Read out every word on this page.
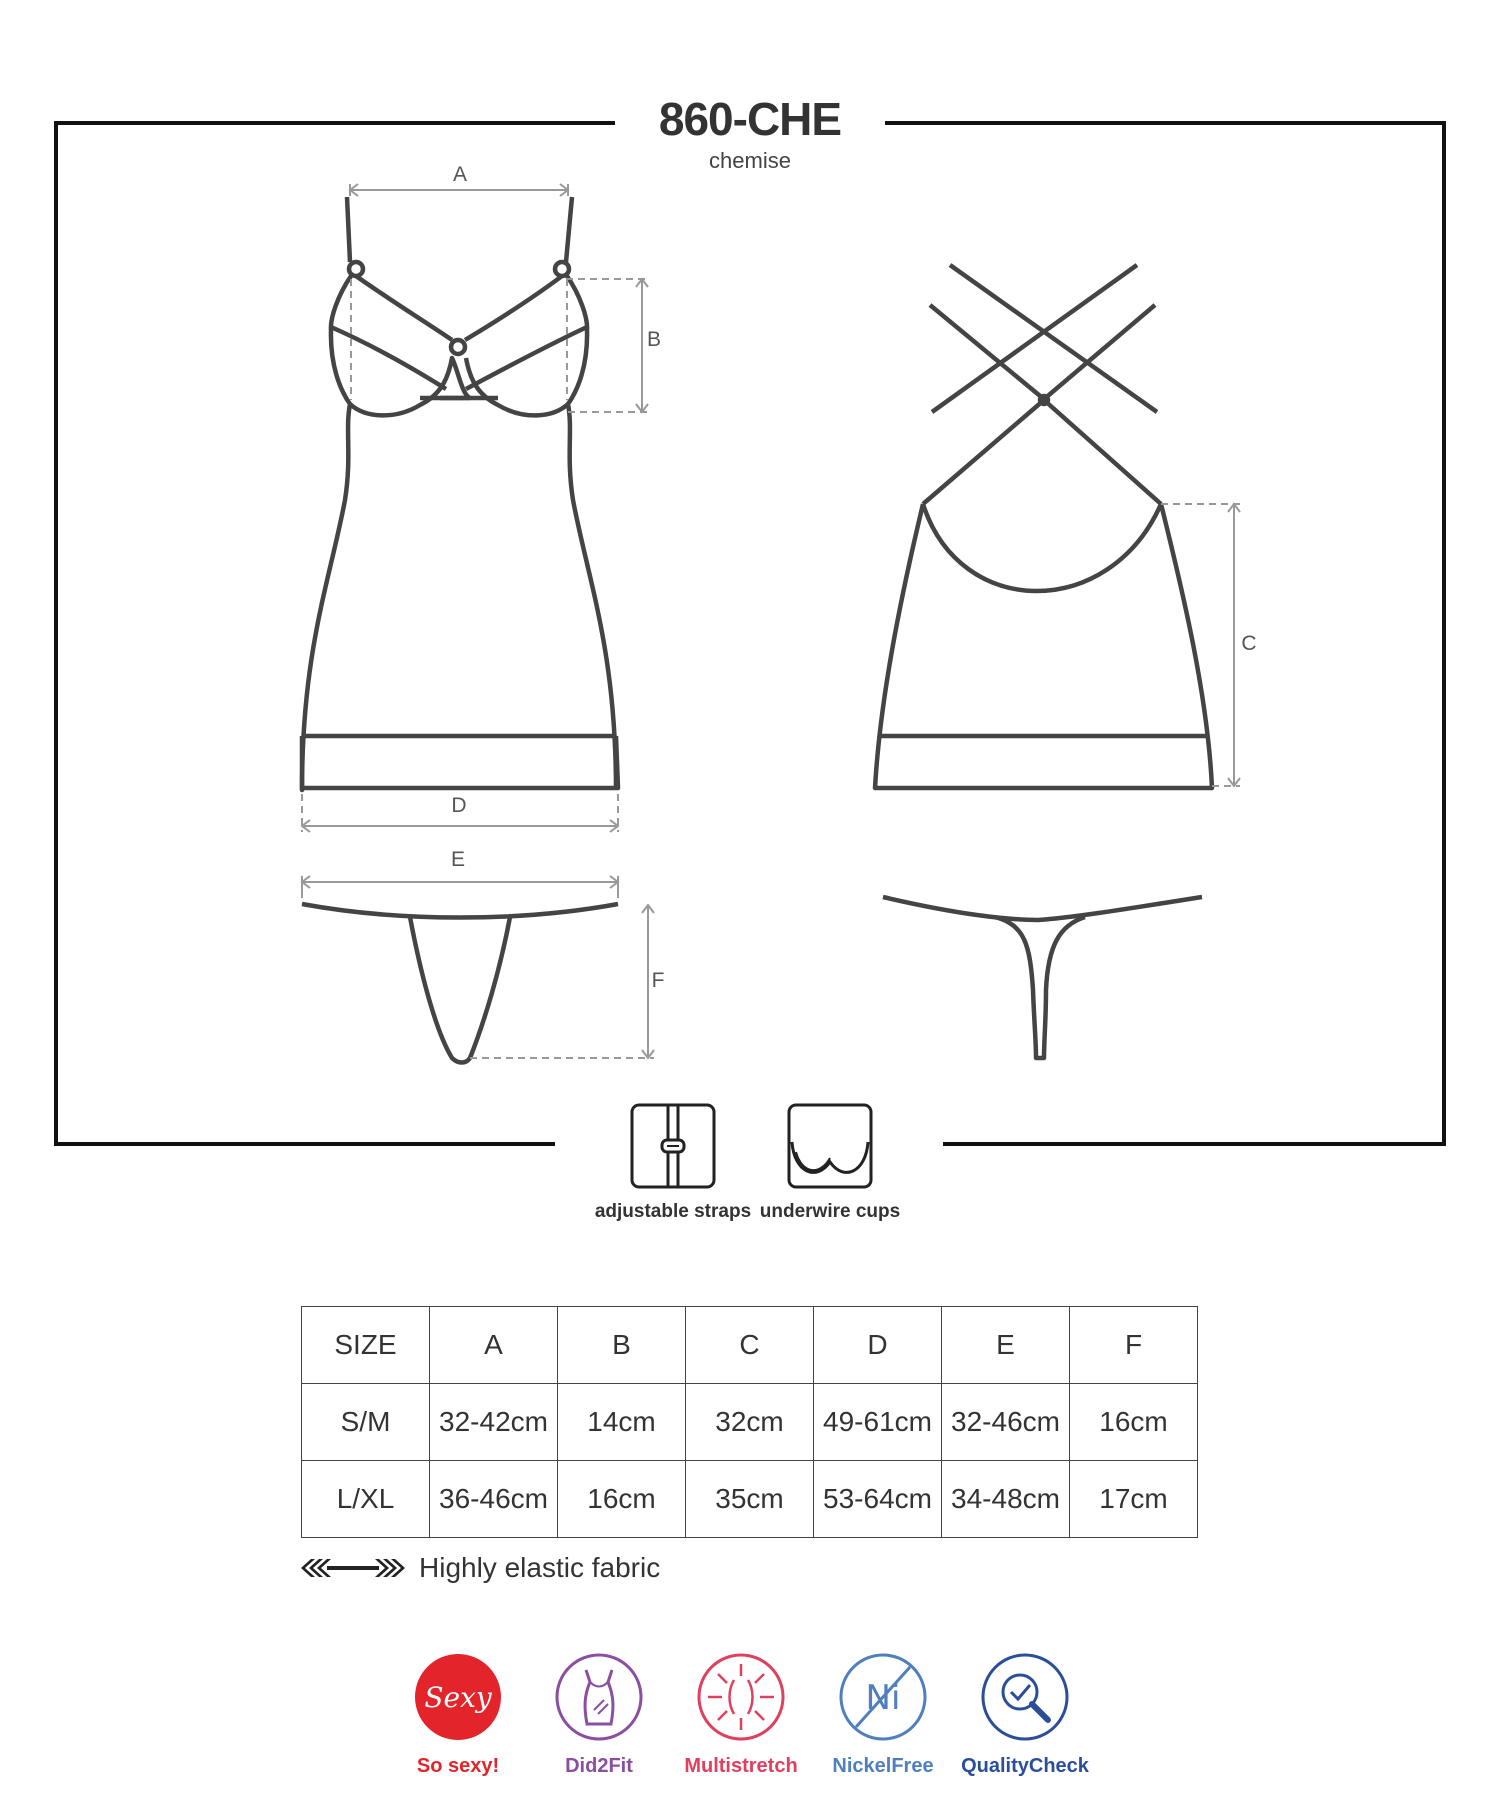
860-CHE
chemise
A
B
C
D
E
F
adjustable straps underwire cups
SIZE	A	B	C	D	E	F
S/M	32-42cm	14cm	32cm	49-61cm	32-46cm	16cm
L/XL	36-46cm	16cm	35cm	53-64cm	34-48cm	17cm
Highly elastic fabric
Sexy
So sexy!	Did2Fit	Multistretch
Ni
NickelFree	QualityCheck
